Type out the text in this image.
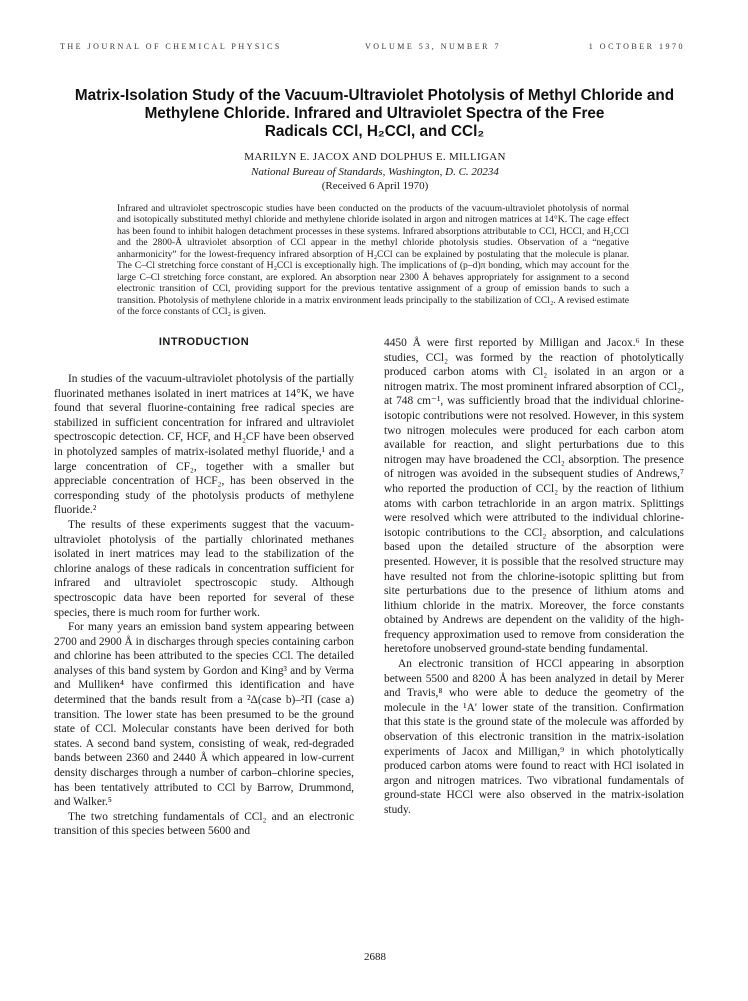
THE JOURNAL OF CHEMICAL PHYSICS	VOLUME 53, NUMBER 7	1 OCTOBER 1970
Matrix-Isolation Study of the Vacuum-Ultraviolet Photolysis of Methyl Chloride and
Methylene Chloride. Infrared and Ultraviolet Spectra of the Free
Radicals CCl, H₂CCl, and CCl₂
MARILYN E. JACOX AND DOLPHUS E. MILLIGAN
National Bureau of Standards, Washington, D. C. 20234
(Received 6 April 1970)

Infrared and ultraviolet spectroscopic studies have been conducted on the products of the vacuum-ultraviolet photolysis of normal and isotopically substituted methyl chloride and methylene chloride isolated in argon and nitrogen matrices at 14°K. The cage effect has been found to inhibit halogen detachment processes in these systems. Infrared absorptions attributable to CCl, HCCl, and H₂CCl and the 2800-Å ultraviolet absorption of CCl appear in the methyl chloride photolysis studies. Observation of a “negative anharmonicity” for the lowest-frequency infrared absorption of H₂CCl can be explained by postulating that the molecule is planar. The C–Cl stretching force constant of H₂CCl is exceptionally high. The implications of (p–d)π bonding, which may account for the large C–Cl stretching force constant, are explored. An absorption near 2300 Å behaves appropriately for assignment to a second electronic transition of CCl, providing support for the previous tentative assignment of a group of emission bands to such a transition. Photolysis of methylene chloride in a matrix environment leads principally to the stabilization of CCl₂. A revised estimate of the force constants of CCl₂ is given.

INTRODUCTION

In studies of the vacuum-ultraviolet photolysis of the partially fluorinated methanes isolated in inert matrices at 14°K, we have found that several fluorine-containing free radical species are stabilized in sufficient concentration for infrared and ultraviolet spectroscopic detection. CF, HCF, and H₂CF have been observed in photolyzed samples of matrix-isolated methyl fluoride,¹ and a large concentration of CF₂, together with a smaller but appreciable concentration of HCF₂, has been observed in the corresponding study of the photolysis products of methylene fluoride.²

The results of these experiments suggest that the vacuum-ultraviolet photolysis of the partially chlorinated methanes isolated in inert matrices may lead to the stabilization of the chlorine analogs of these radicals in concentration sufficient for infrared and ultraviolet spectroscopic study. Although spectroscopic data have been reported for several of these species, there is much room for further work.

For many years an emission band system appearing between 2700 and 2900 Å in discharges through species containing carbon and chlorine has been attributed to the species CCl. The detailed analyses of this band system by Gordon and King³ and by Verma and Mulliken⁴ have confirmed this identification and have determined that the bands result from a ²Δ(case b)–²Π (case a) transition. The lower state has been presumed to be the ground state of CCl. Molecular constants have been derived for both states. A second band system, consisting of weak, red-degraded bands between 2360 and 2440 Å which appeared in low-current density discharges through a number of carbon–chlorine species, has been tentatively attributed to CCl by Barrow, Drummond, and Walker.⁵

The two stretching fundamentals of CCl₂ and an electronic transition of this species between 5600 and

4450 Å were first reported by Milligan and Jacox.⁶ In these studies, CCl₂ was formed by the reaction of photolytically produced carbon atoms with Cl₂ isolated in an argon or a nitrogen matrix. The most prominent infrared absorption of CCl₂, at 748 cm⁻¹, was sufficiently broad that the individual chlorine-isotopic contributions were not resolved. However, in this system two nitrogen molecules were produced for each carbon atom available for reaction, and slight perturbations due to this nitrogen may have broadened the CCl₂ absorption. The presence of nitrogen was avoided in the subsequent studies of Andrews,⁷ who reported the production of CCl₂ by the reaction of lithium atoms with carbon tetrachloride in an argon matrix. Splittings were resolved which were attributed to the individual chlorine-isotopic contributions to the CCl₂ absorption, and calculations based upon the detailed structure of the absorption were presented. However, it is possible that the resolved structure may have resulted not from the chlorine-isotopic splitting but from site perturbations due to the presence of lithium atoms and lithium chloride in the matrix. Moreover, the force constants obtained by Andrews are dependent on the validity of the high-frequency approximation used to remove from consideration the heretofore unobserved ground-state bending fundamental.

An electronic transition of HCCl appearing in absorption between 5500 and 8200 Å has been analyzed in detail by Merer and Travis,⁸ who were able to deduce the geometry of the molecule in the ¹A′ lower state of the transition. Confirmation that this state is the ground state of the molecule was afforded by observation of this electronic transition in the matrix-isolation experiments of Jacox and Milligan,⁹ in which photolytically produced carbon atoms were found to react with HCl isolated in argon and nitrogen matrices. Two vibrational fundamentals of ground-state HCCl were also observed in the matrix-isolation study.

2688
